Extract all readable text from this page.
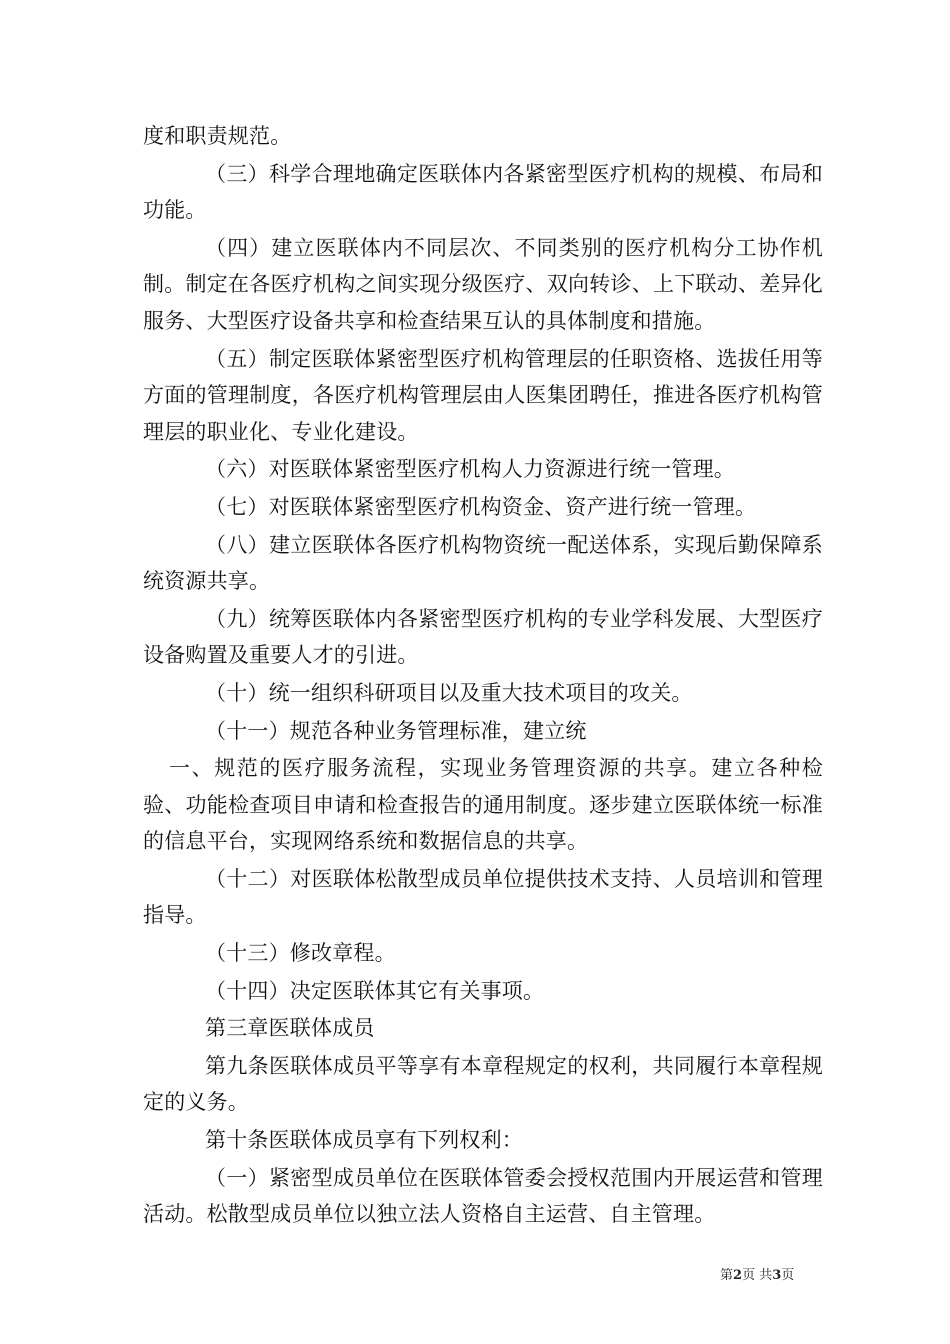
度和职责规范。

（三）科学合理地确定医联体内各紧密型医疗机构的规模、布局和功能。

（四）建立医联体内不同层次、不同类别的医疗机构分工协作机制。制定在各医疗机构之间实现分级医疗、双向转诊、上下联动、差异化服务、大型医疗设备共享和检查结果互认的具体制度和措施。

（五）制定医联体紧密型医疗机构管理层的任职资格、选拔任用等方面的管理制度，各医疗机构管理层由人医集团聘任，推进各医疗机构管理层的职业化、专业化建设。

（六）对医联体紧密型医疗机构人力资源进行统一管理。

（七）对医联体紧密型医疗机构资金、资产进行统一管理。

（八）建立医联体各医疗机构物资统一配送体系，实现后勤保障系统资源共享。

（九）统筹医联体内各紧密型医疗机构的专业学科发展、大型医疗设备购置及重要人才的引进。

（十）统一组织科研项目以及重大技术项目的攻关。

（十一）规范各种业务管理标准，建立统

一、规范的医疗服务流程，实现业务管理资源的共享。建立各种检验、功能检查项目申请和检查报告的通用制度。逐步建立医联体统一标准的信息平台，实现网络系统和数据信息的共享。

（十二）对医联体松散型成员单位提供技术支持、人员培训和管理指导。

（十三）修改章程。

（十四）决定医联体其它有关事项。

第三章医联体成员

第九条医联体成员平等享有本章程规定的权利，共同履行本章程规定的义务。

第十条医联体成员享有下列权利：

（一）紧密型成员单位在医联体管委会授权范围内开展运营和管理活动。松散型成员单位以独立法人资格自主运营、自主管理。

第2页 共3页
